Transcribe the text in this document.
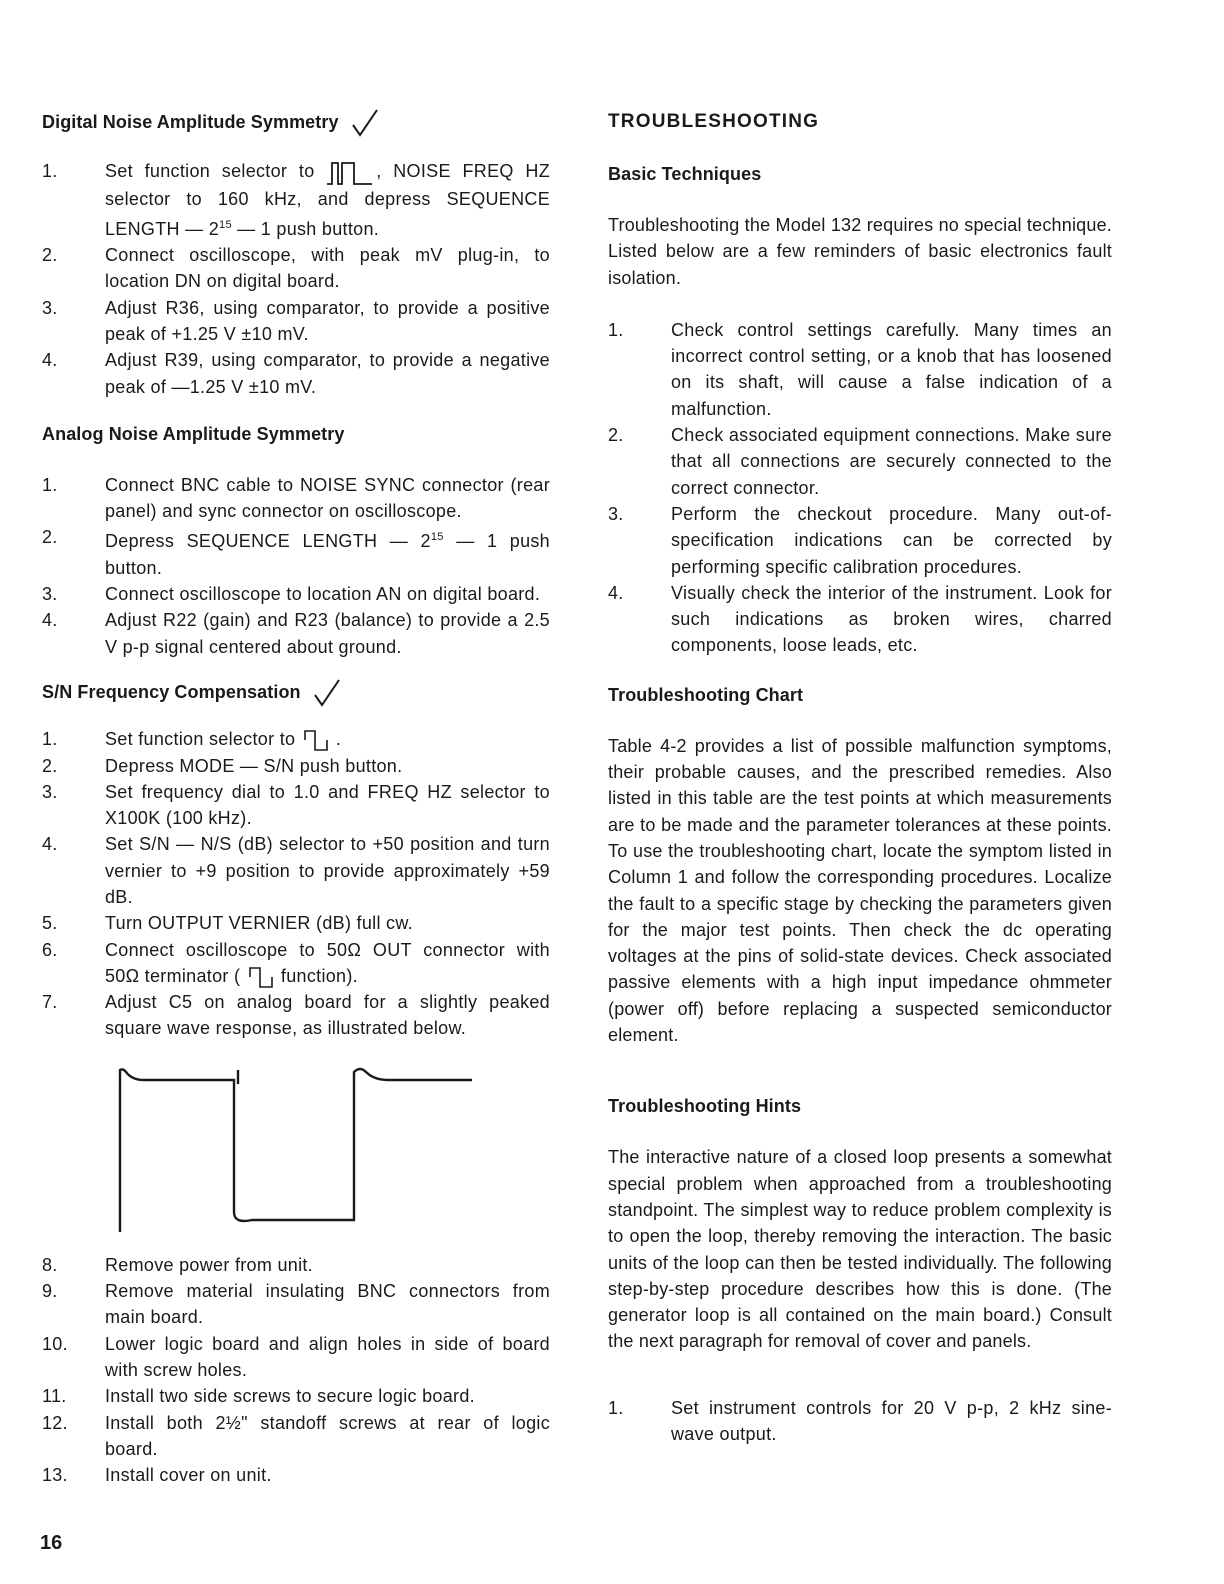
Digital Noise Amplitude Symmetry
1.	Set function selector to	, NOISE FREQ HZ selector to 160 kHz, and depress SEQUENCE LENGTH — $2^{15}$ — 1 push button.
2.	Connect oscilloscope, with peak mV plug-in, to location DN on digital board.
3.	Adjust R36, using comparator, to provide a positive peak of +1.25 V ±10 mV.
4.	Adjust R39, using comparator, to provide a negative peak of —1.25 V ±10 mV.
Analog Noise Amplitude Symmetry
1.	Connect BNC cable to NOISE SYNC connector (rear panel) and sync connector on oscilloscope.
2.	Depress SEQUENCE LENGTH — $2^{15}$ — 1 push button.
3.	Connect oscilloscope to location AN on digital board.
4.	Adjust R22 (gain) and R23 (balance) to provide a 2.5 V p-p signal centered about ground.
S/N Frequency Compensation
1.	Set function selector to  .
2.	Depress MODE — S/N push button.
3.	Set frequency dial to 1.0 and FREQ HZ selector to X100K (100 kHz).
4.	Set S/N — N/S (dB) selector to +50 position and turn vernier to +9 position to provide approximately +59 dB.
5.	Turn OUTPUT VERNIER (dB) full cw.
6.	Connect oscilloscope to 50Ω OUT connector with 50Ω terminator (  function).
7.	Adjust C5 on analog board for a slightly peaked square wave response, as illustrated below.
8.	Remove power from unit.
9.	Remove material insulating BNC connectors from main board.
10. Lower logic board and align holes in side of board with screw holes.
11. Install two side screws to secure logic board.
12. Install both 2½" standoff screws at rear of logic board.
13. Install cover on unit.
TROUBLESHOOTING
Basic Techniques

Troubleshooting the Model 132 requires no special technique. Listed below are a few reminders of basic electronics fault isolation.

1.	Check control settings carefully. Many times an incorrect control setting, or a knob that has loosened on its shaft, will cause a false indication of a malfunction.
2.	Check associated equipment connections. Make sure that all connections are securely connected to the correct connector.
3.	Perform the checkout procedure. Many out-of-specification indications can be corrected by performing specific calibration procedures.
4.	Visually check the interior of the instrument. Look for such indications as broken wires, charred components, loose leads, etc.
Troubleshooting Chart

Table 4-2 provides a list of possible malfunction symptoms, their probable causes, and the prescribed remedies. Also listed in this table are the test points at which measurements are to be made and the parameter tolerances at these points. To use the troubleshooting chart, locate the symptom listed in Column 1 and follow the corresponding procedures. Localize the fault to a specific stage by checking the parameters given for the major test points. Then check the dc operating voltages at the pins of solid-state devices. Check associated passive elements with a high input impedance ohmmeter (power off) before replacing a suspected semiconductor element.

Troubleshooting Hints

The interactive nature of a closed loop presents a somewhat special problem when approached from a troubleshooting standpoint. The simplest way to reduce problem complexity is to open the loop, thereby removing the interaction. The basic units of the loop can then be tested individually. The following step-by-step procedure describes how this is done. (The generator loop is all contained on the main board.) Consult the next paragraph for removal of cover and panels.

1.	Set instrument controls for 20 V p-p, 2 kHz sine-wave output.
16
